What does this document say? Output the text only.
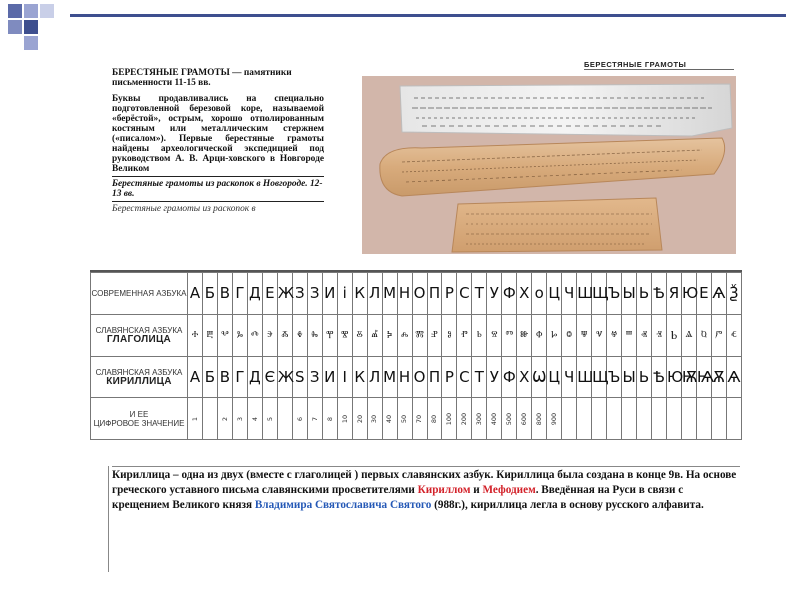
БЕРЕСТЯНЫЕ ГРАМОТЫ — памятники письменности 11-15 вв.
Буквы продавливались на специально подготовленной березовой коре, называемой «берёстой», острым, хорошо отполированным костяным или металлическим стержнем («писалом»). Первые берестяные грамоты найдены археологической экспедицией под руководством А. В. Арци-ховского в Новгороде Великом
Берестяные грамоты из раскопок в Новгороде. 12-13 вв.
Берестяные грамоты из раскопок в
БЕРЕСТЯНЫЕ ГРАМОТЫ
СОВРЕМЕННАЯ АЗБУКА	А	Б	В	Г	Д	Е	Ж	З	З	И	і	К	Л	М	Н	О	П	Р	С	Т	У	Ф	Х	о	Ц	Ч	Ш	Щ	Ъ	Ы	Ь	Ѣ	Я	Ю	Е	Ѧ	Ѯ

СЛАВЯНСКАЯ АЗБУКА
ГЛАГОЛИЦА	ⰰ	ⰱ	ⰲ	ⰳ	ⰴ	ⰵ	ⰶ	ⰷ	ⰸ	ⰹ	ⰺ	ⰻ	ⰼ	ⰽ	ⰾ	ⰿ	ⱀ	ⱁ	ⱂ	ⱃ	ⱄ	ⱅ	ⱆ	ⱇ	ⱈ	ⱉ	ⱋ	ⱌ	ⱍ	ⱎ	ⱏ	ⱐ	Ⱃ	ⱑ	ⱒ	ⱓ	ⱔ

СЛАВЯНСКАЯ АЗБУКА
КИРИЛЛИЦА	А	Б	В	Г	Д	Є	Ж	Ѕ	З	И	І	К	Л	М	Н	О	П	Р	С	Т	У	Ф	Х	Ѡ	Ц	Ч	Ш	Щ	Ъ	Ы	Ь	Ѣ	Ю	Ѭ	Ѩ	Ѫ	Ѧ

И ЕЕ
ЦИФРОВОЕ ЗНАЧЕНИЕ	1		2	3	4	5		6	7	8	10	20	30	40	50	70	80	100	200	300	400	500	600	800	900												
Кириллица – одна из двух (вместе с глаголицей ) первых славянских азбук. Кириллица была создана в конце 9в. На основе греческого уставного письма славянскими просветителями Кириллом и Мефодием. Введённая на Руси в связи с крещением Великого князя Владимира Святославича Святого (988г.), кириллица легла в основу русского алфавита.
